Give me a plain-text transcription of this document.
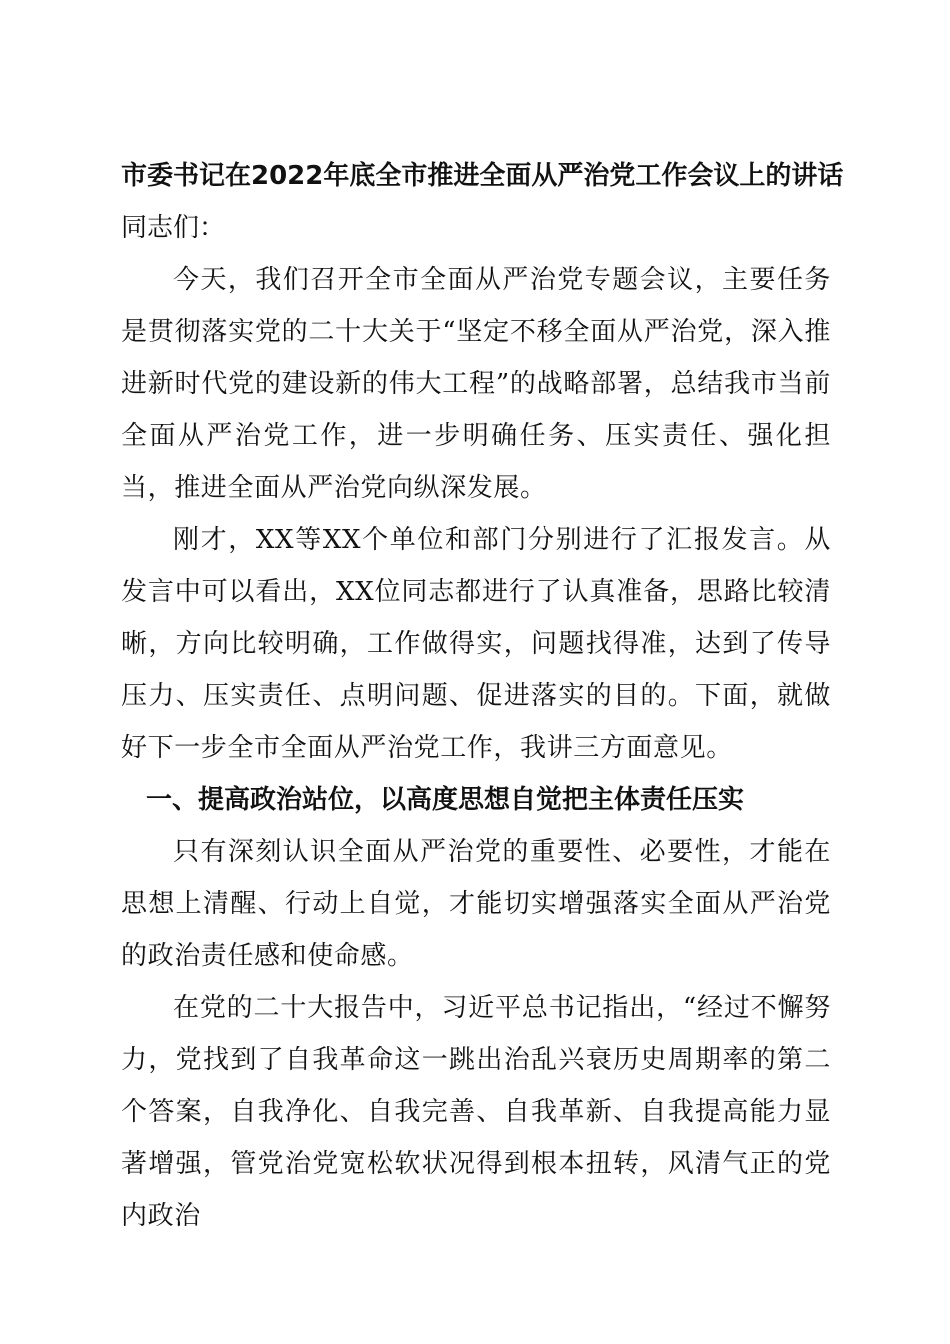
市委书记在2022年底全市推进全面从严治党工作会议上的讲话

同志们：

今天，我们召开全市全面从严治党专题会议，主要任务是贯彻落实党的二十大关于“坚定不移全面从严治党，深入推进新时代党的建设新的伟大工程”的战略部署，总结我市当前全面从严治党工作，进一步明确任务、压实责任、强化担当，推进全面从严治党向纵深发展。

刚才，XX等XX个单位和部门分别进行了汇报发言。从发言中可以看出，XX位同志都进行了认真准备，思路比较清晰，方向比较明确，工作做得实，问题找得准，达到了传导压力、压实责任、点明问题、促进落实的目的。下面，就做好下一步全市全面从严治党工作，我讲三方面意见。

一、提高政治站位，以高度思想自觉把主体责任压实

只有深刻认识全面从严治党的重要性、必要性，才能在思想上清醒、行动上自觉，才能切实增强落实全面从严治党的政治责任感和使命感。

在党的二十大报告中，习近平总书记指出，“经过不懈努力，党找到了自我革命这一跳出治乱兴衰历史周期率的第二个答案，自我净化、自我完善、自我革新、自我提高能力显著增强，管党治党宽松软状况得到根本扭转，风清气正的党内政治
